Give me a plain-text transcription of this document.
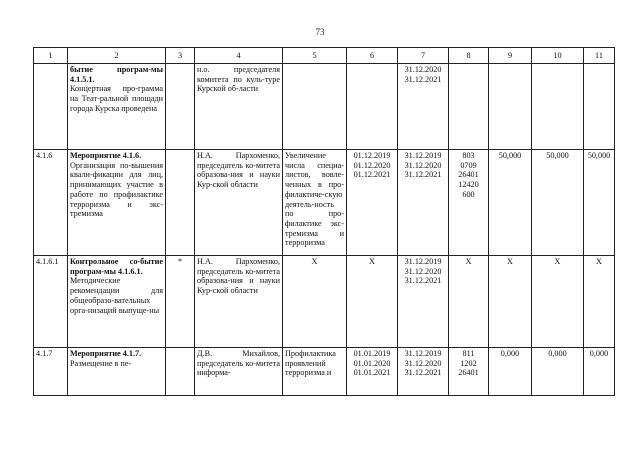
73
1	2	3	4	5	6	7	8	9	10	11
	бытие програм-мы 4.1.5.1.
Концертная про-грамма на Теат-ральной площади города Курска проведена		н.о. председателя комитета по куль-туре Курской об-ласти			31.12.2020
31.12.2021				

4.1.6	Мероприятие 4.1.6.
Организация по-вышения квали-фикации для лиц, принимающих участие в работе по профилактике терроризма и экс-тремизма		Н.А. Пархоменко, председатель ко-митета образова-ния и науки Кур-ской области	Увеличение числа специа-листов, вовле-ченных в про-филактиче-скую деятель-ность по про-филактике экс-тремизма и терроризма	01.12.2019
01.12.2020
01.12.2021	31.12.2019
31.12.2020
31.12.2021	803
0709
26401
12420
600	50,000	50,000	50,000
4.1.6.1	Контрольное со-бытие програм-мы 4.1.6.1.
Методические рекомендации для общеобразо-вательных орга-низаций выпуще-ны	*	Н.А. Пархоменко, председатель ко-митета образова-ния и науки Кур-ской области	X	X	31.12.2019
31.12.2020
31.12.2021	X	X	X	X
4.1.7	Мероприятие 4.1.7.
Размещение в пе-		Д.В. Михайлов, председатель ко-митета информа-	Профилактика проявлений терроризма и	01.01.2019
01.01.2020
01.01.2021	31.12.2019
31.12.2020
31.12.2021	811
1202
26401	0,000	0,000	0,000
